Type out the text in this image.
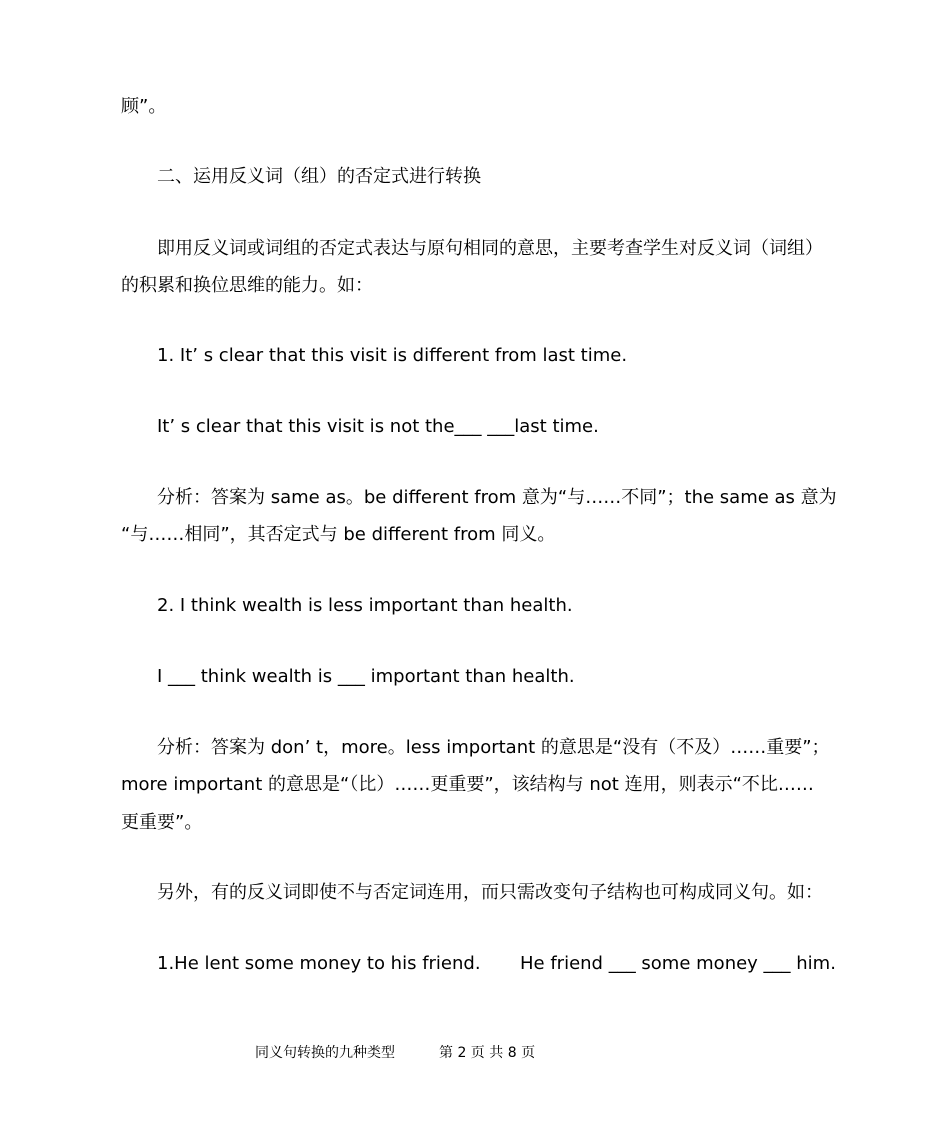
顾”。
二、运用反义词（组）的否定式进行转换
即用反义词或词组的否定式表达与原句相同的意思，主要考查学生对反义词（词组）
的积累和换位思维的能力。如：
1. It’ s clear that this visit is different from last time.
It’ s clear that this visit is not the___ ___last time.
分析：答案为 same as。be different from 意为“与……不同”；the same as 意为
“与……相同”，其否定式与 be different from 同义。
2. I think wealth is less important than health.
I ___ think wealth is ___ important than health.
分析：答案为 don’ t，more。less important 的意思是“没有（不及）……重要”；
more important 的意思是“（比）……更重要”，该结构与 not 连用，则表示“不比……
更重要”。
另外，有的反义词即使不与否定词连用，而只需改变句子结构也可构成同义句。如：
1.He lent some money to his friend. He friend ___ some money ___ him.
同义句转换的九种类型	第 2 页 共 8 页
